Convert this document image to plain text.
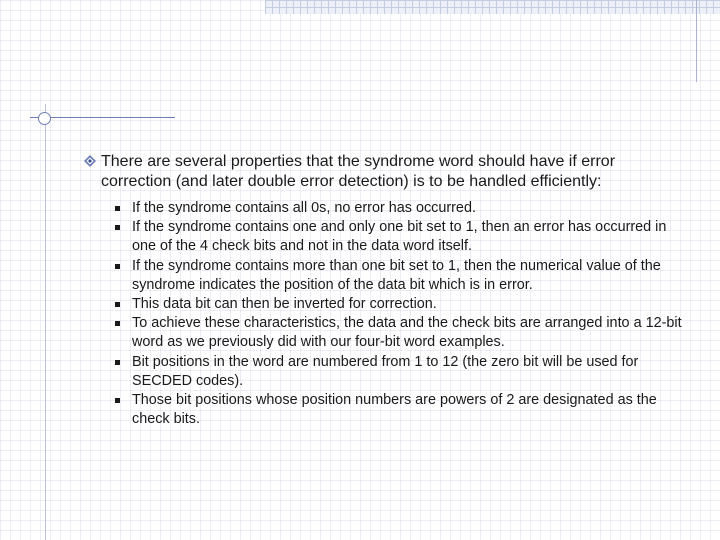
There are several properties that the syndrome word should have if error correction (and later double error detection) is to be handled efficiently:

If the syndrome contains all 0s, no error has occurred.
If the syndrome contains one and only one bit set to 1, then an error has occurred in one of the 4 check bits and not in the data word itself.
If the syndrome contains more than one bit set to 1, then the numerical value of the syndrome indicates the position of the data bit which is in error.
This data bit can then be inverted for correction.
To achieve these characteristics, the data and the check bits are arranged into a 12-bit word as we previously did with our four-bit word examples.
Bit positions in the word are numbered from 1 to 12 (the zero bit will be used for SECDED codes).
Those bit positions whose position numbers are powers of 2 are designated as the check bits.
